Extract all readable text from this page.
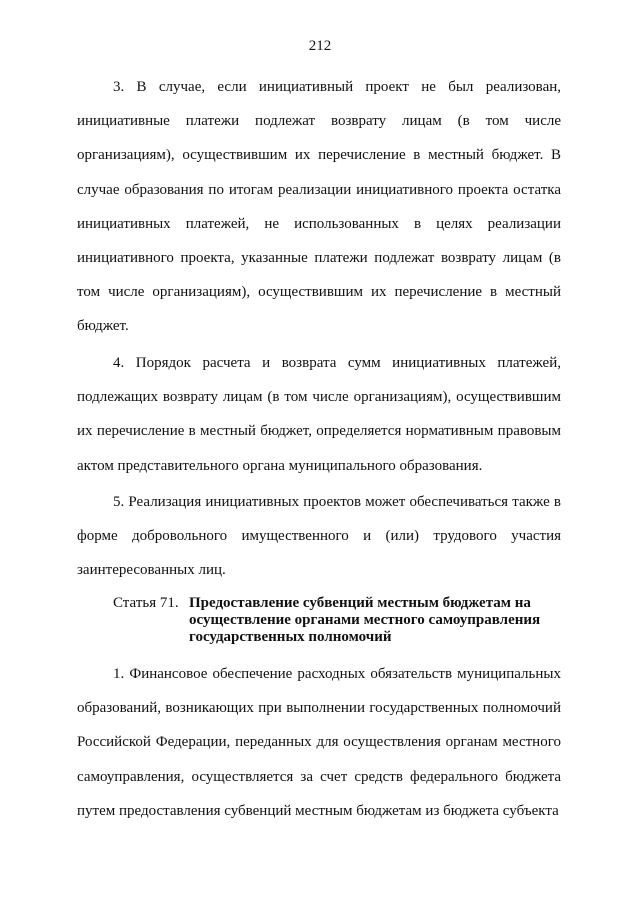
212

3. В случае, если инициативный проект не был реализован, инициативные платежи подлежат возврату лицам (в том числе организациям), осуществившим их перечисление в местный бюджет. В случае образования по итогам реализации инициативного проекта остатка инициативных платежей, не использованных в целях реализации инициативного проекта, указанные платежи подлежат возврату лицам (в том числе организациям), осуществившим их перечисление в местный бюджет.

4. Порядок расчета и возврата сумм инициативных платежей, подлежащих возврату лицам (в том числе организациям), осуществившим их перечисление в местный бюджет, определяется нормативным правовым актом представительного органа муниципального образования.

5. Реализация инициативных проектов может обеспечиваться также в форме добровольного имущественного и (или) трудового участия заинтересованных лиц.

Статья 71. Предоставление субвенций местным бюджетам на осуществление органами местного самоуправления государственных полномочий

1. Финансовое обеспечение расходных обязательств муниципальных образований, возникающих при выполнении государственных полномочий Российской Федерации, переданных для осуществления органам местного самоуправления, осуществляется за счет средств федерального бюджета путем предоставления субвенций местным бюджетам из бюджета субъекта
